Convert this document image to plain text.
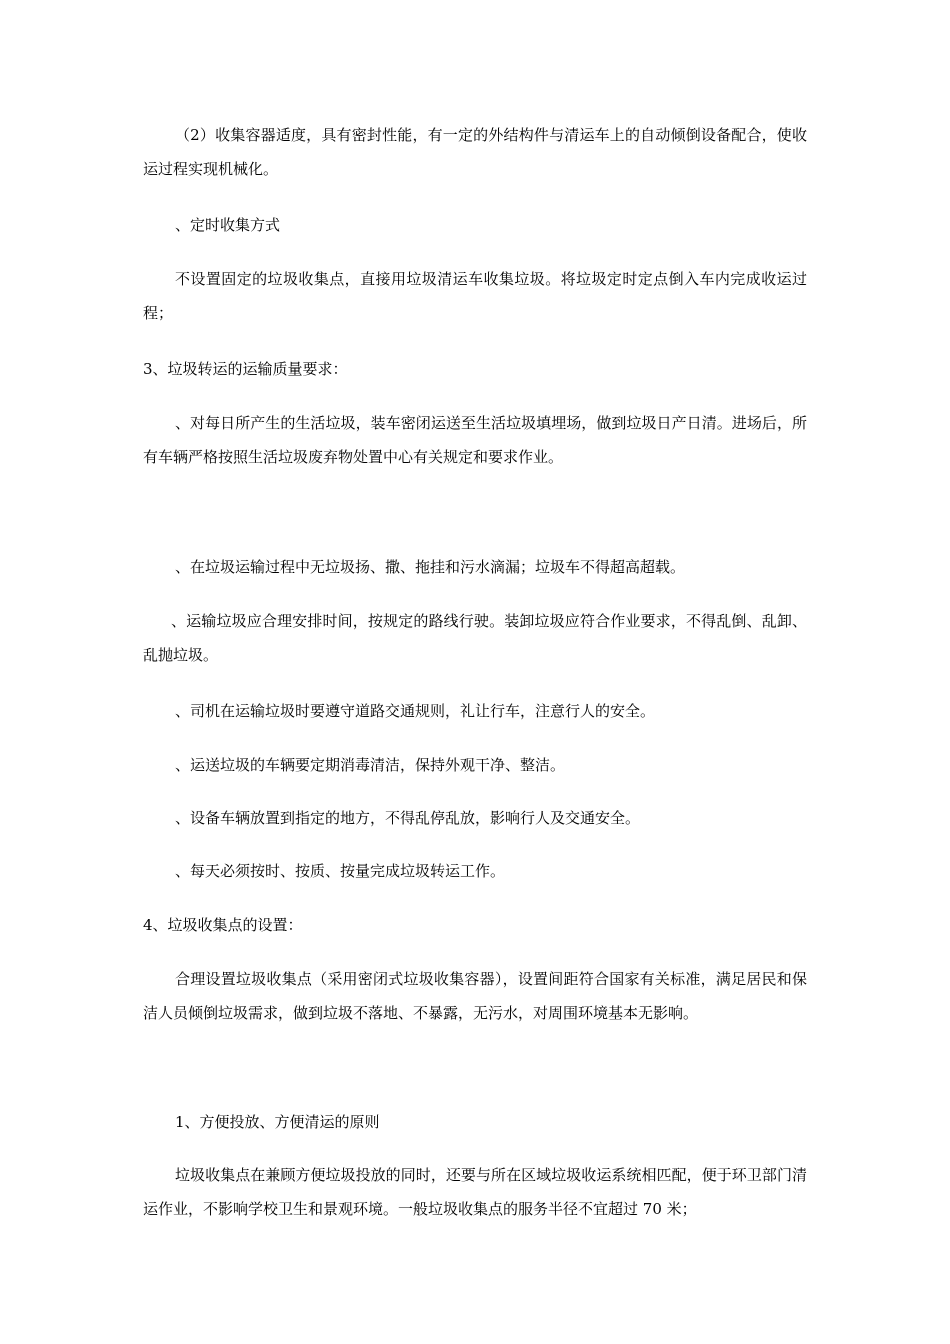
（2）收集容器适度，具有密封性能，有一定的外结构件与清运车上的自动倾倒设备配合，使收运过程实现机械化。

、定时收集方式

不设置固定的垃圾收集点，直接用垃圾清运车收集垃圾。将垃圾定时定点倒入车内完成收运过程；

3、垃圾转运的运输质量要求：

、对每日所产生的生活垃圾，装车密闭运送至生活垃圾填埋场，做到垃圾日产日清。进场后，所有车辆严格按照生活垃圾废弃物处置中心有关规定和要求作业。

、在垃圾运输过程中无垃圾扬、撒、拖挂和污水滴漏；垃圾车不得超高超载。

、运输垃圾应合理安排时间，按规定的路线行驶。装卸垃圾应符合作业要求，不得乱倒、乱卸、乱抛垃圾。

、司机在运输垃圾时要遵守道路交通规则，礼让行车，注意行人的安全。

、运送垃圾的车辆要定期消毒清洁，保持外观干净、整洁。

、设备车辆放置到指定的地方，不得乱停乱放，影响行人及交通安全。

、每天必须按时、按质、按量完成垃圾转运工作。

4、垃圾收集点的设置：

合理设置垃圾收集点（采用密闭式垃圾收集容器），设置间距符合国家有关标准，满足居民和保洁人员倾倒垃圾需求，做到垃圾不落地、不暴露，无污水，对周围环境基本无影响。

1、方便投放、方便清运的原则

垃圾收集点在兼顾方便垃圾投放的同时，还要与所在区域垃圾收运系统相匹配，便于环卫部门清运作业，不影响学校卫生和景观环境。一般垃圾收集点的服务半径不宜超过 70 米；
